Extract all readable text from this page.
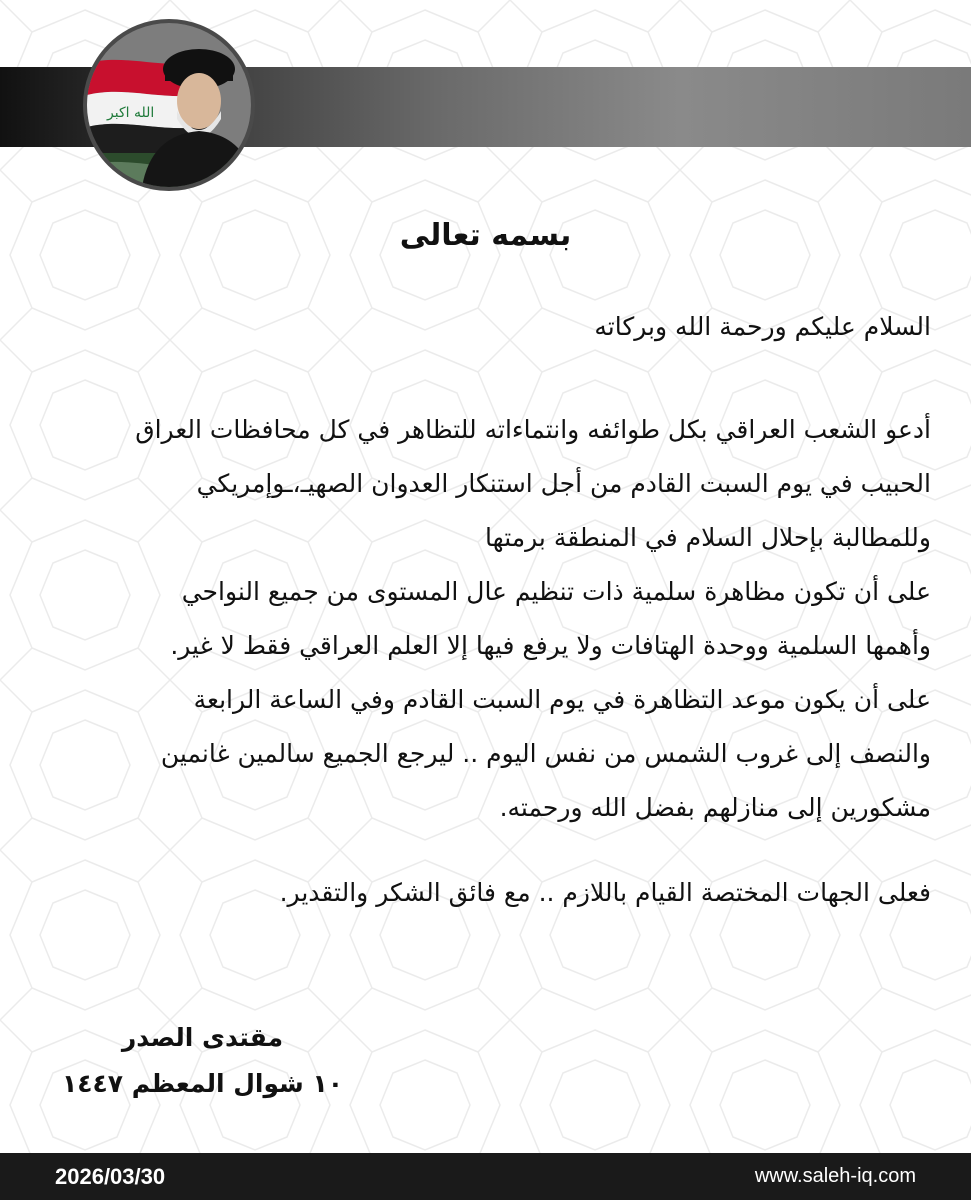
الله اكبر
بسمه تعالى
السلام عليكم ورحمة الله وبركاته
أدعو الشعب العراقي بكل طوائفه وانتماءاته للتظاهر في كل محافظات العراق
الحبيب في يوم السبت القادم من أجل استنكار العدوان الصهيـ،ـوإمريكي
وللمطالبة بإحلال السلام في المنطقة برمتها
على أن تكون مظاهرة سلمية ذات تنظيم عال المستوى من جميع النواحي
وأهمها السلمية ووحدة الهتافات ولا يرفع فيها إلا العلم العراقي فقط لا غير.
على أن يكون موعد التظاهرة في يوم السبت القادم وفي الساعة الرابعة
والنصف إلى غروب الشمس من نفس اليوم .. ليرجع الجميع سالمين غانمين
مشكورين إلى منازلهم بفضل الله ورحمته.
فعلى الجهات المختصة القيام باللازم .. مع فائق الشكر والتقدير.
مقتدى الصدر
١٠ شوال المعظم ١٤٤٧
2026/03/30	www.saleh-iq.com
